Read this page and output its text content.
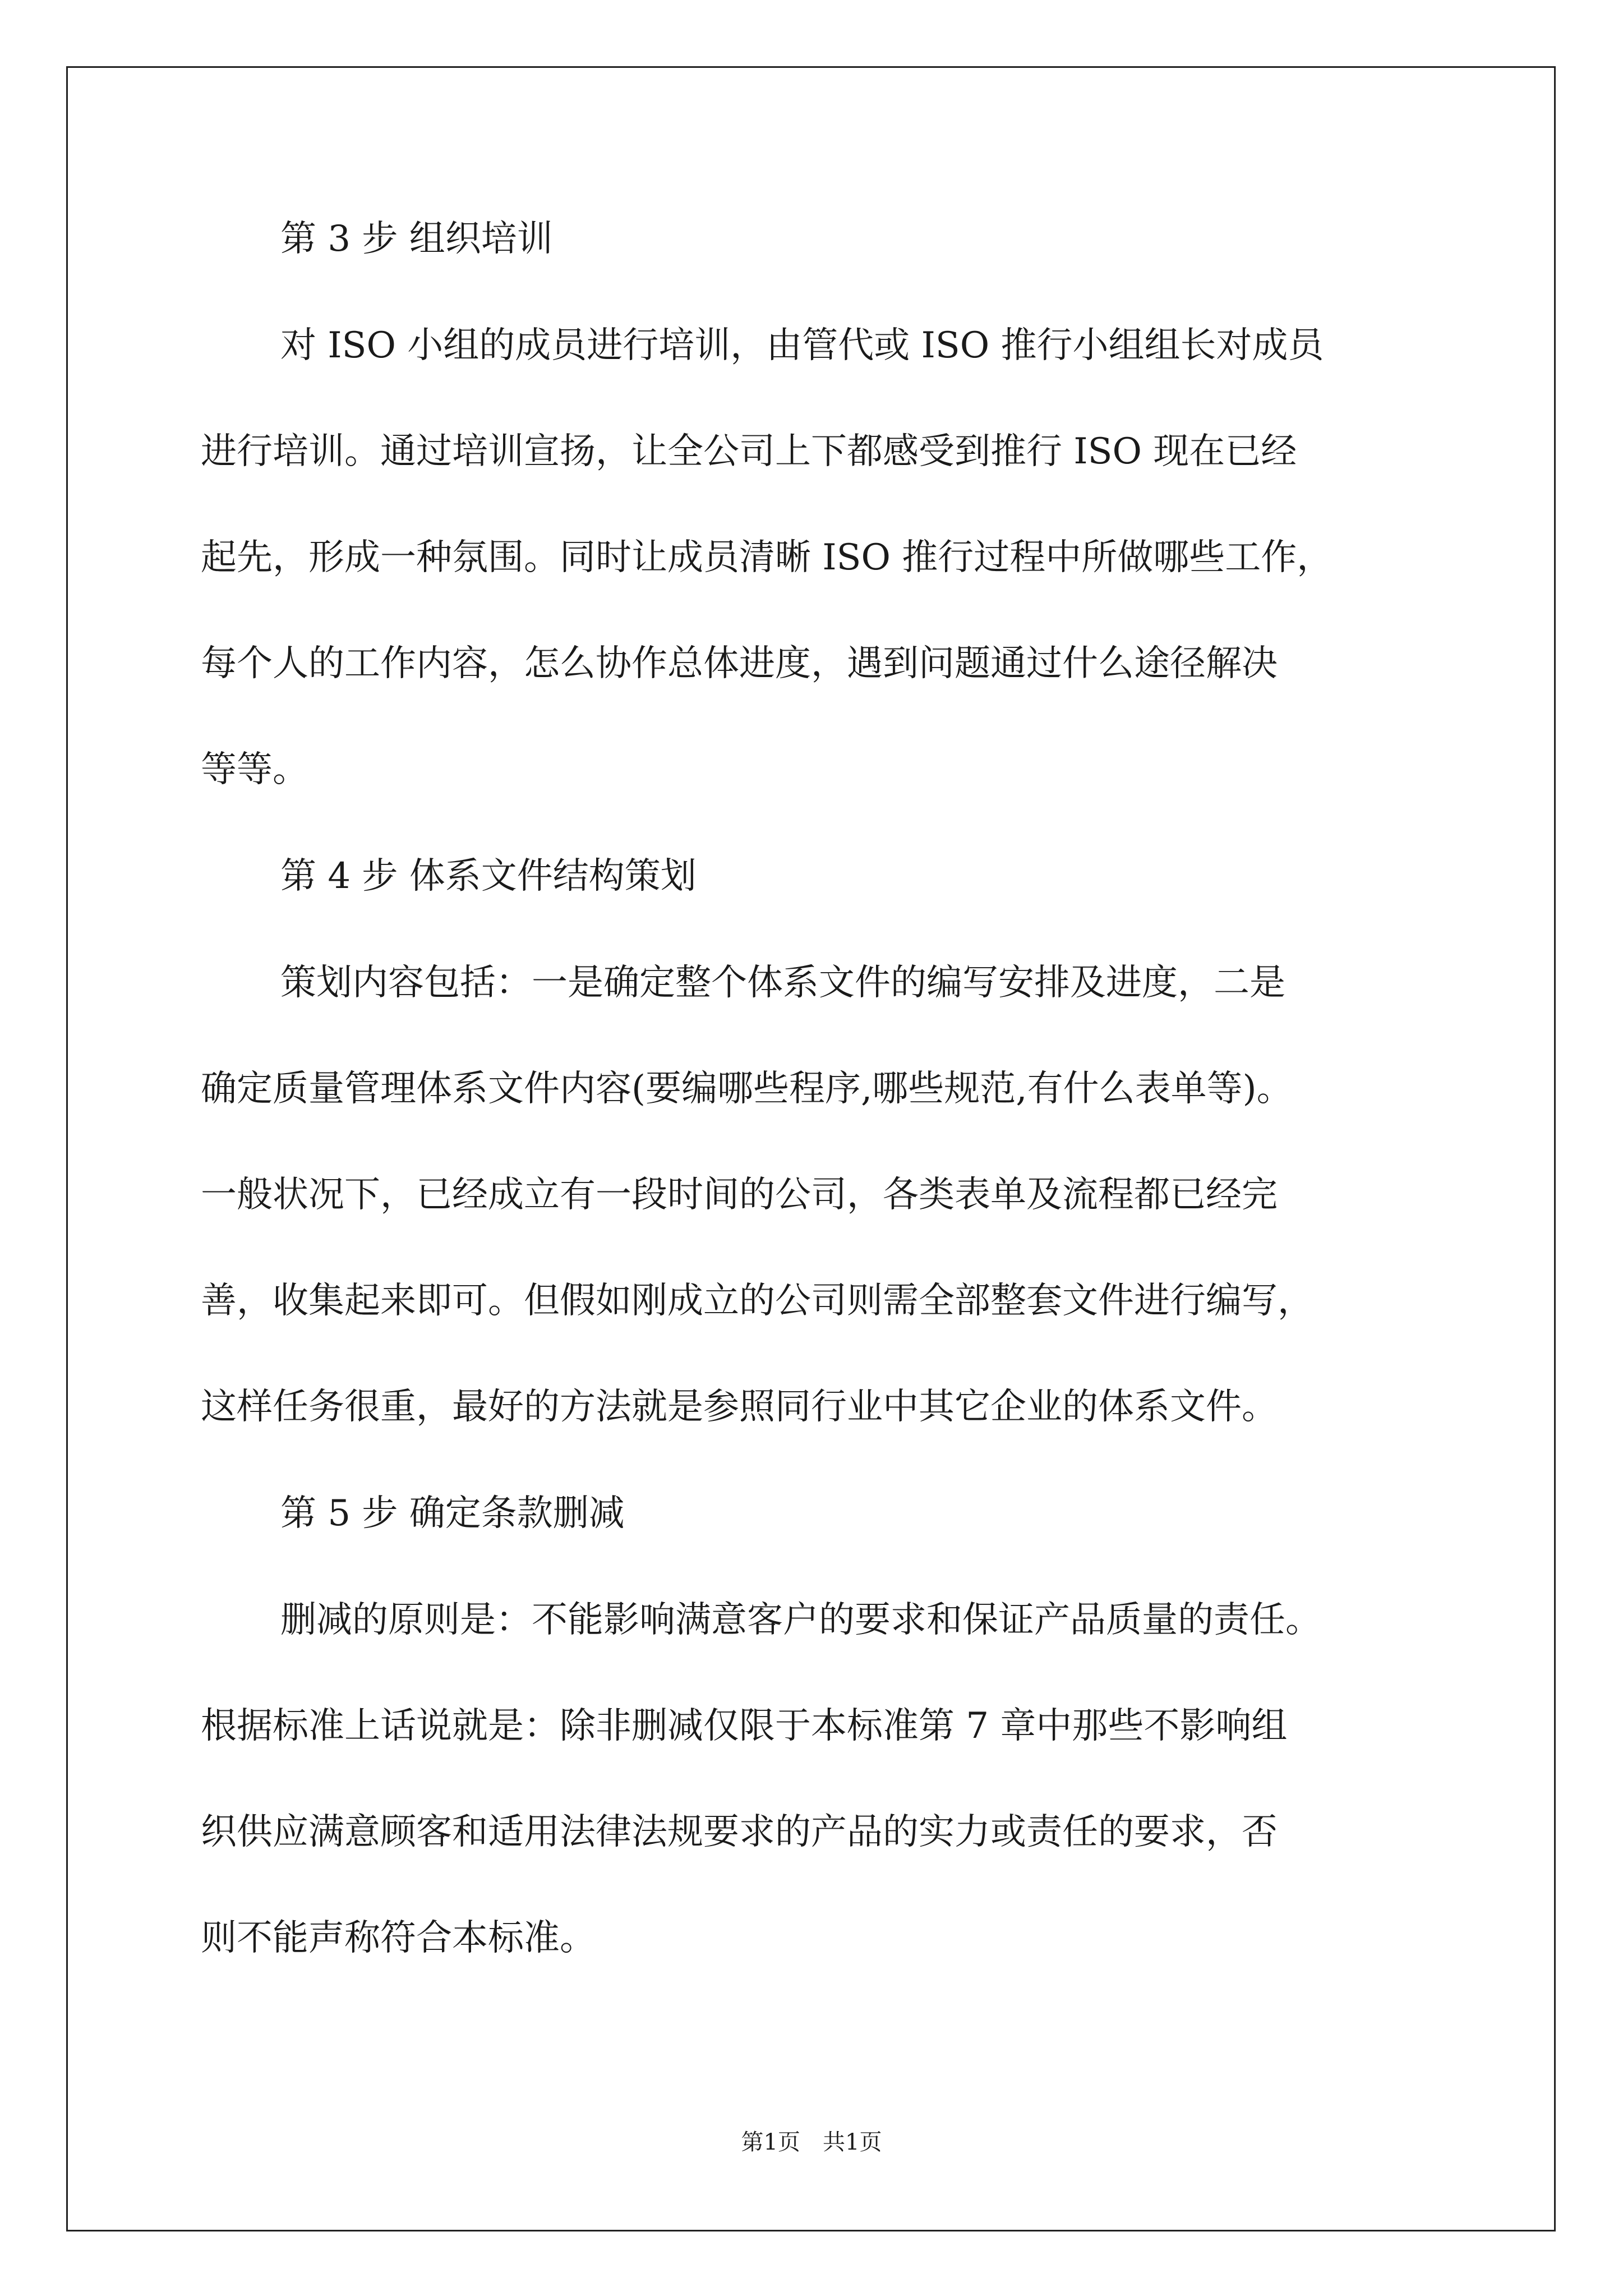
第 3 步 组织培训
对 ISO 小组的成员进行培训，由管代或 ISO 推行小组组长对成员
进行培训。通过培训宣扬，让全公司上下都感受到推行 ISO 现在已经
起先，形成一种氛围。同时让成员清晰 ISO 推行过程中所做哪些工作，
每个人的工作内容，怎么协作总体进度，遇到问题通过什么途径解决
等等。
第 4 步 体系文件结构策划
策划内容包括：一是确定整个体系文件的编写安排及进度，二是
确定质量管理体系文件内容(要编哪些程序,哪些规范,有什么表单等)。
一般状况下，已经成立有一段时间的公司，各类表单及流程都已经完
善，收集起来即可。但假如刚成立的公司则需全部整套文件进行编写，
这样任务很重，最好的方法就是参照同行业中其它企业的体系文件。
第 5 步 确定条款删减
删减的原则是：不能影响满意客户的要求和保证产品质量的责任。
根据标准上话说就是：除非删减仅限于本标准第 7 章中那些不影响组
织供应满意顾客和适用法律法规要求的产品的实力或责任的要求，否
则不能声称符合本标准。
第1页　共1页
